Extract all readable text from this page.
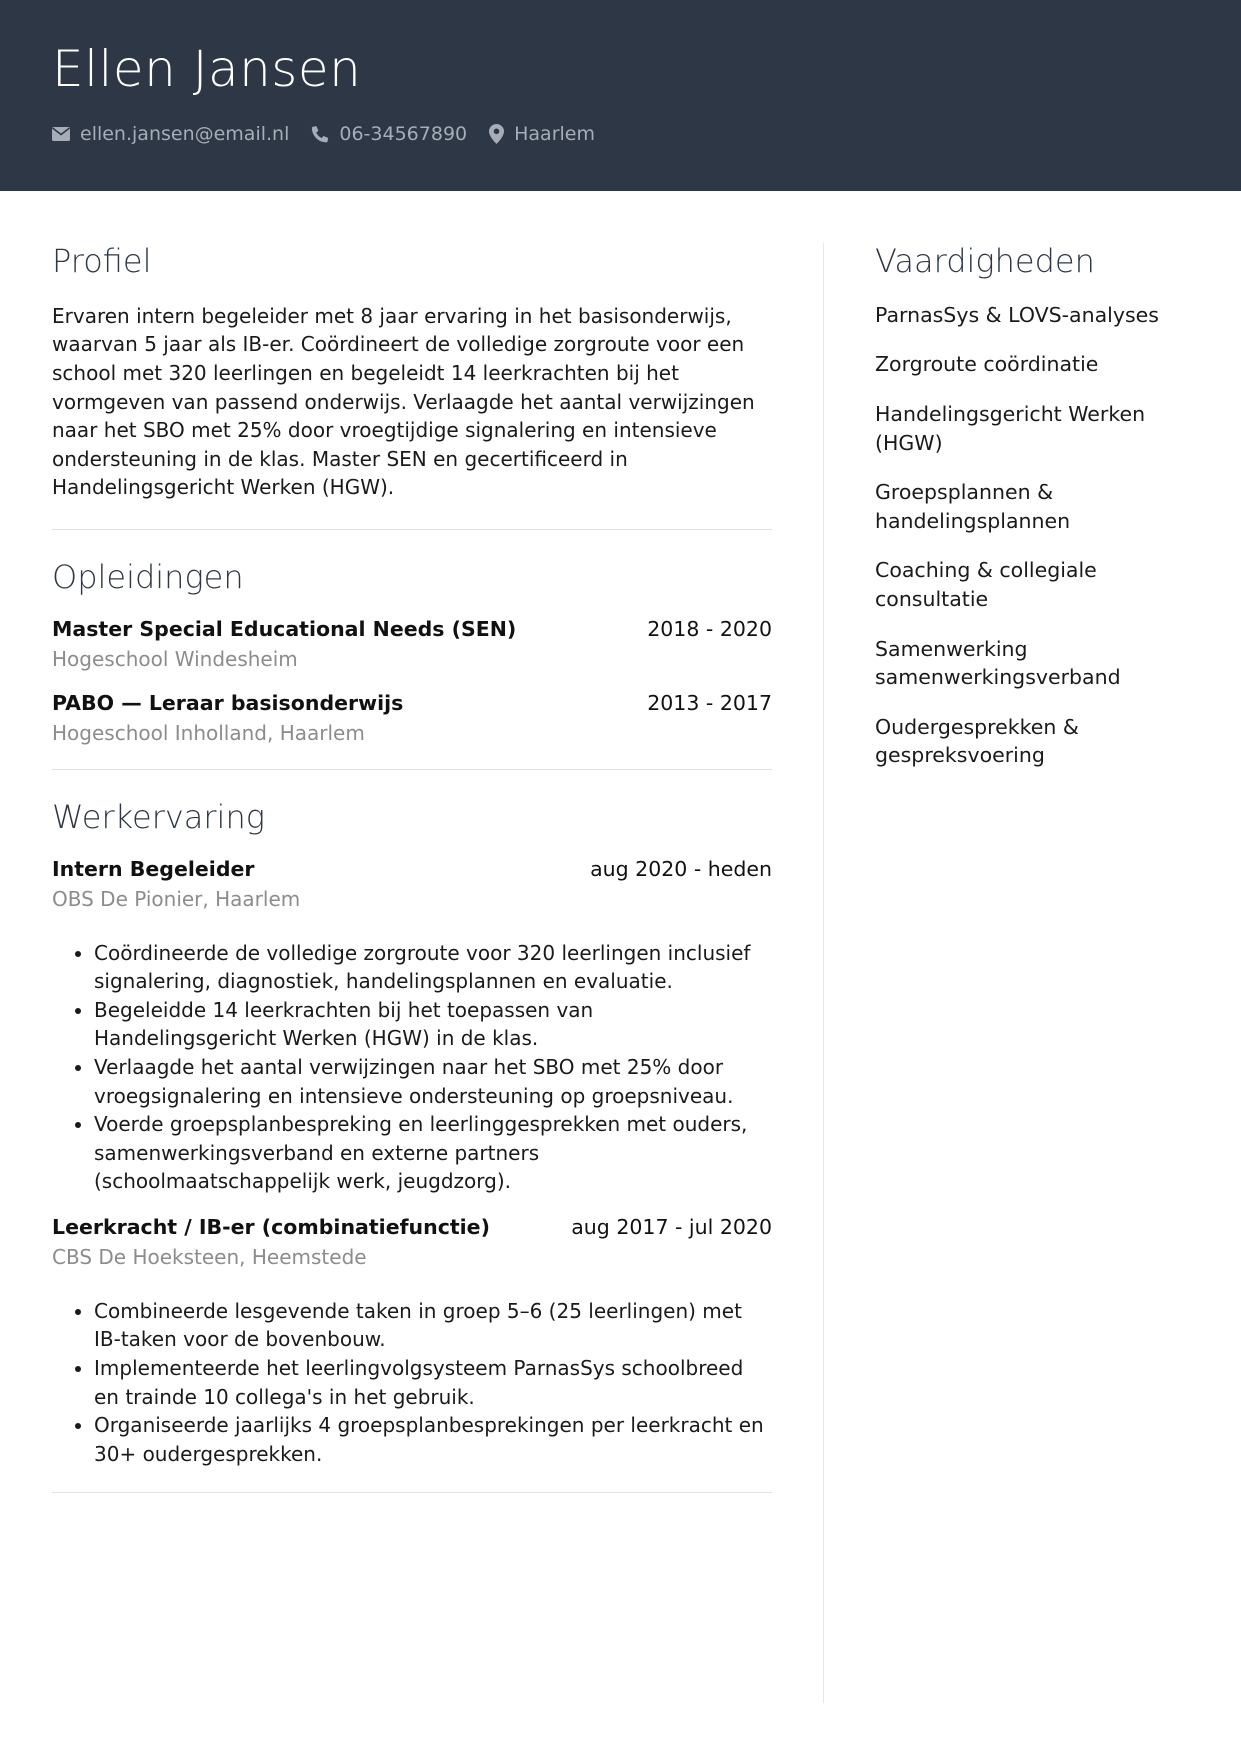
Ellen Jansen
ellen.jansen@email.nl	06-34567890 Haarlem
Profiel

Ervaren intern begeleider met 8 jaar ervaring in het basisonderwijs, waarvan 5 jaar als IB-er. Coördineert de volledige zorgroute voor een school met 320 leerlingen en begeleidt 14 leerkrachten bij het vormgeven van passend onderwijs. Verlaagde het aantal verwijzingen naar het SBO met 25% door vroegtijdige signalering en intensieve ondersteuning in de klas. Master SEN en gecertificeerd in Handelingsgericht Werken (HGW).

Opleidingen
Master Special Educational Needs (SEN)	2018 - 2020
Hogeschool Windesheim
PABO — Leraar basisonderwijs	2013 - 2017
Hogeschool Inholland, Haarlem
Werkervaring
Intern Begeleider	aug 2020 - heden
OBS De Pionier, Haarlem
• Coördineerde de volledige zorgroute voor 320 leerlingen inclusief signalering, diagnostiek, handelingsplannen en evaluatie.
• Begeleidde 14 leerkrachten bij het toepassen van Handelingsgericht Werken (HGW) in de klas.
• Verlaagde het aantal verwijzingen naar het SBO met 25% door vroegsignalering en intensieve ondersteuning op groepsniveau.
• Voerde groepsplanbespreking en leerlinggesprekken met ouders, samenwerkingsverband en externe partners (schoolmaatschappelijk werk, jeugdzorg).
Leerkracht / IB-er (combinatiefunctie)	aug 2017 - jul 2020
CBS De Hoeksteen, Heemstede
• Combineerde lesgevende taken in groep 5–6 (25 leerlingen) met IB-taken voor de bovenbouw.
• Implementeerde het leerlingvolgsysteem ParnasSys schoolbreed en trainde 10 collega's in het gebruik.
• Organiseerde jaarlijks 4 groepsplanbesprekingen per leerkracht en 30+ oudergesprekken.
Vaardigheden
ParnasSys & LOVS-analyses
Zorgroute coördinatie
Handelingsgericht Werken (HGW)
Groepsplannen & handelingsplannen
Coaching & collegiale consultatie
Samenwerking samenwerkingsverband
Oudergesprekken & gespreksvoering
